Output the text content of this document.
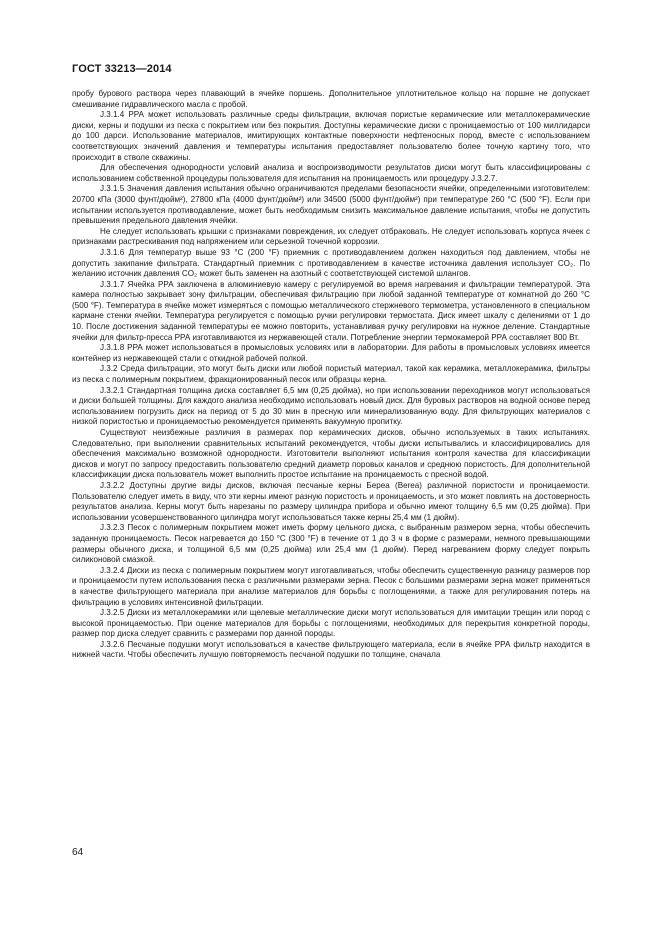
ГОСТ 33213—2014

пробу бурового раствора через плавающий в ячейке поршень. Дополнительное уплотнительное кольцо на поршне не допускает смешивание гидравлического масла с пробой.

J.3.1.4 РРА может использовать различные среды фильтрации, включая пористые керамические или металлокерамические диски, керны и подушки из песка с покрытием или без покрытия. Доступны керамические диски с проницаемостью от 100 миллидарси до 100 дарси. Использование материалов, имитирующих контактные поверхности нефтеносных пород, вместе с использованием соответствующих значений давления и температуры испытания предоставляет пользователю более точную картину того, что происходит в стволе скважины.

Для обеспечения однородности условий анализа и воспроизводимости результатов диски могут быть классифицированы с использованием собственной процедуры пользователя для испытания на проницаемость или процедуру J.3.2.7.

J.3.1.5 Значения давления испытания обычно ограничиваются пределами безопасности ячейки, определенными изготовителем: 20700 кПа (3000 фунт/дюйм²), 27800 кПа (4000 фунт/дюйм²) или 34500 (5000 фунт/дюйм²) при температуре 260 °С (500 °F). Если при испытании используется противодавление, может быть необходимым снизить максимальное давление испытания, чтобы не допустить превышения предельного давления ячейки.

Не следует использовать крышки с признаками повреждения, их следует отбраковать. Не следует использовать корпуса ячеек с признаками растрескивания под напряжением или серьезной точечной коррозии.

J.3.1.6 Для температур выше 93 °С (200 °F) приемник с противодавлением должен находиться под давлением, чтобы не допустить закипание фильтрата. Стандартный приемник с противодавлением в качестве источника давления использует CO₂. По желанию источник давления CO₂ может быть заменен на азотный с соответствующей системой шлангов.

J.3.1.7 Ячейка РРА заключена в алюминиевую камеру с регулируемой во время нагревания и фильтрации температурой. Эта камера полностью закрывает зону фильтрации, обеспечивая фильтрацию при любой заданной температуре от комнатной до 260 °С (500 °F). Температура в ячейке может измеряться с помощью металлического стержневого термометра, установленного в специальном кармане стенки ячейки. Температура регулируется с помощью ручки регулировки термостата. Диск имеет шкалу с делениями от 1 до 10. После достижения заданной температуры ее можно повторить, устанавливая ручку регулировки на нужное деление. Стандартные ячейки для фильтр-пресса РРА изготавливаются из нержавеющей стали. Потребление энергии термокамерой РРА составляет 800 Вт.

J.3.1.8 РРА может использоваться в промысловых условиях или в лаборатории. Для работы в промысловых условиях имеется контейнер из нержавеющей стали с откидной рабочей полкой.

J.3.2 Среда фильтрации, это могут быть диски или любой пористый материал, такой как керамика, металлокерамика, фильтры из песка с полимерным покрытием, фракционированный песок или образцы керна.

J.3.2.1 Стандартная толщина диска составляет 6,5 мм (0,25 дюйма), но при использовании переходников могут использоваться и диски большей толщины. Для каждого анализа необходимо использовать новый диск. Для буровых растворов на водной основе перед использованием погрузить диск на период от 5 до 30 мин в пресную или минерализованную воду. Для фильтрующих материалов с низкой пористостью и проницаемостью рекомендуется применять вакуумную пропитку.

Существуют неизбежные различия в размерах пор керамических дисков, обычно используемых в таких испытаниях. Следовательно, при выполнении сравнительных испытаний рекомендуется, чтобы диски испытывались и классифицировались для обеспечения максимально возможной однородности. Изготовители выполняют испытания контроля качества для классификации дисков и могут по запросу предоставить пользователю средний диаметр поровых каналов и среднюю пористость. Для дополнительной классификации диска пользователь может выполнить простое испытание на проницаемость с пресной водой.

J.3.2.2 Доступны другие виды дисков, включая песчаные керны Береа (Berea) различной пористости и проницаемости. Пользователю следует иметь в виду, что эти керны имеют разную пористость и проницаемость, и это может повлиять на достоверность результатов анализа. Керны могут быть нарезаны по размеру цилиндра прибора и обычно имеют толщину 6,5 мм (0,25 дюйма). При использовании усовершенствованного цилиндра могут использоваться также керны 25,4 мм (1 дюйм).

J.3.2.3 Песок с полимерным покрытием может иметь форму цельного диска, с выбранным размером зерна, чтобы обеспечить заданную проницаемость. Песок нагревается до 150 °С (300 °F) в течение от 1 до 3 ч в форме с размерами, немного превышающими размеры обычного диска, и толщиной 6,5 мм (0,25 дюйма) или 25,4 мм (1 дюйм). Перед нагреванием форму следует покрыть силиконовой смазкой.

J.3.2.4 Диски из песка с полимерным покрытием могут изготавливаться, чтобы обеспечить существенную разницу размеров пор и проницаемости путем использования песка с различными размерами зерна. Песок с большими размерами зерна может применяться в качестве фильтрующего материала при анализе материалов для борьбы с поглощениями, а также для регулирования потерь на фильтрацию в условиях интенсивной фильтрации.

J.3.2.5 Диски из металлокерамики или щелевые металлические диски могут использоваться для имитации трещин или пород с высокой проницаемостью. При оценке материалов для борьбы с поглощениями, необходимых для перекрытия конкретной породы, размер пор диска следует сравнить с размерами пор данной породы.

J.3.2.6 Песчаные подушки могут использоваться в качестве фильтрующего материала, если в ячейке РРА фильтр находится в нижней части. Чтобы обеспечить лучшую повторяемость песчаной подушки по толщине, сначала

64
